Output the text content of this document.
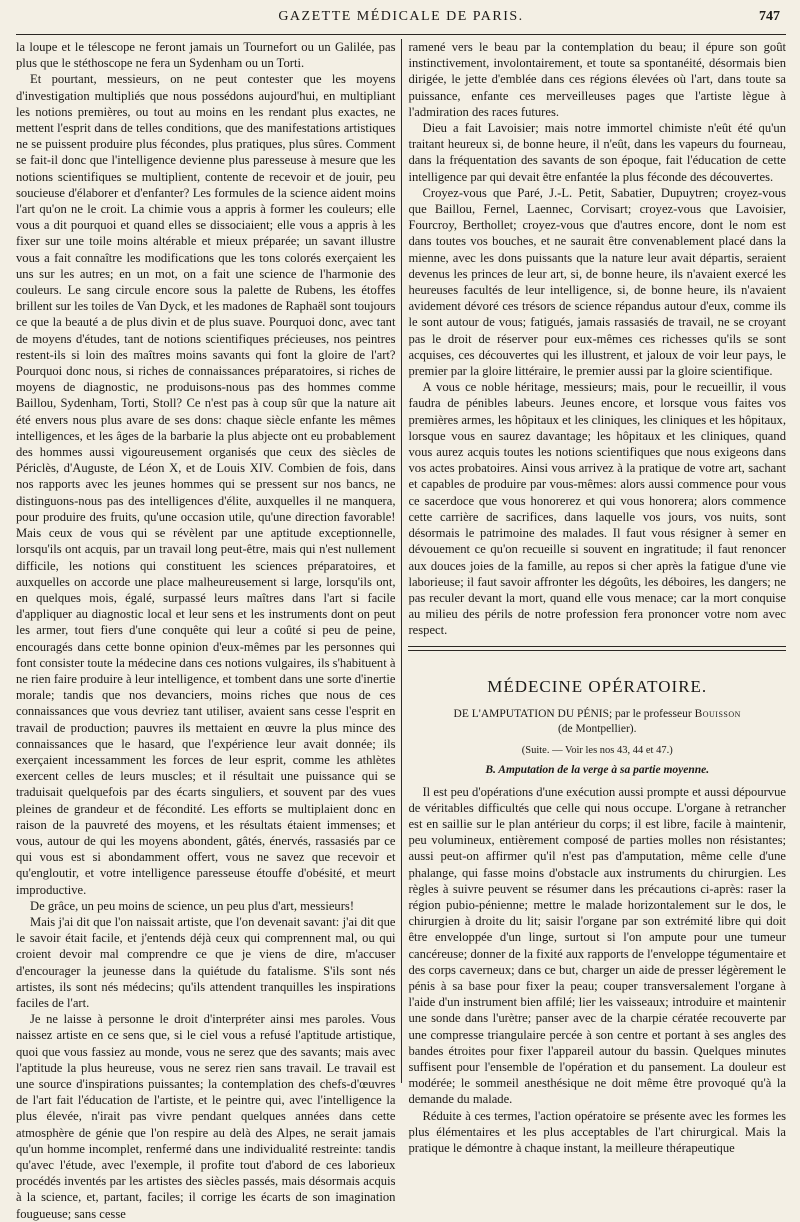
GAZETTE MÉDICALE DE PARIS.	747

la loupe et le télescope ne feront jamais un Tournefort ou un Galilée, pas plus que le stéthoscope ne fera un Sydenham ou un Torti.

Et pourtant, messieurs, on ne peut contester que les moyens d'investigation multipliés que nous possédons aujourd'hui, en multipliant les notions premières, ou tout au moins en les rendant plus exactes, ne mettent l'esprit dans de telles conditions, que des manifestations artistiques ne se puissent produire plus fécondes, plus pratiques, plus sûres. Comment se fait-il donc que l'intelligence devienne plus paresseuse à mesure que les notions scientifiques se multiplient, contente de recevoir et de jouir, peu soucieuse d'élaborer et d'enfanter? Les formules de la science aident moins l'art qu'on ne le croit. La chimie vous a appris à former les couleurs; elle vous a dit pourquoi et quand elles se dissociaient; elle vous a appris à les fixer sur une toile moins altérable et mieux préparée; un savant illustre vous a fait connaître les modifications que les tons colorés exerçaient les uns sur les autres; en un mot, on a fait une science de l'harmonie des couleurs. Le sang circule encore sous la palette de Rubens, les étoffes brillent sur les toiles de Van Dyck, et les madones de Raphaël sont toujours ce que la beauté a de plus divin et de plus suave. Pourquoi donc, avec tant de moyens d'études, tant de notions scientifiques précieuses, nos peintres restent-ils si loin des maîtres moins savants qui font la gloire de l'art? Pourquoi donc nous, si riches de connaissances préparatoires, si riches de moyens de diagnostic, ne produisons-nous pas des hommes comme Baillou, Sydenham, Torti, Stoll? Ce n'est pas à coup sûr que la nature ait été envers nous plus avare de ses dons: chaque siècle enfante les mêmes intelligences, et les âges de la barbarie la plus abjecte ont eu probablement des hommes aussi vigoureusement organisés que ceux des siècles de Périclès, d'Auguste, de Léon X, et de Louis XIV. Combien de fois, dans nos rapports avec les jeunes hommes qui se pressent sur nos bancs, ne distinguons-nous pas des intelligences d'élite, auxquelles il ne manquera, pour produire des fruits, qu'une occasion utile, qu'une direction favorable! Mais ceux de vous qui se révèlent par une aptitude exceptionnelle, lorsqu'ils ont acquis, par un travail long peut-être, mais qui n'est nullement difficile, les notions qui constituent les sciences préparatoires, et auxquelles on accorde une place malheureusement si large, lorsqu'ils ont, en quelques mois, égalé, surpassé leurs maîtres dans l'art si facile d'appliquer au diagnostic local et leur sens et les instruments dont on peut les armer, tout fiers d'une conquête qui leur a coûté si peu de peine, encouragés dans cette bonne opinion d'eux-mêmes par les personnes qui font consister toute la médecine dans ces notions vulgaires, ils s'habituent à ne rien faire produire à leur intelligence, et tombent dans une sorte d'inertie morale; tandis que nos devanciers, moins riches que nous de ces connaissances que vous devriez tant utiliser, avaient sans cesse l'esprit en travail de production; pauvres ils mettaient en œuvre la plus mince des connaissances que le hasard, que l'expérience leur avait donnée; ils exerçaient incessamment les forces de leur esprit, comme les athlètes exercent celles de leurs muscles; et il résultait une puissance qui se traduisait quelquefois par des écarts singuliers, et souvent par des vues pleines de grandeur et de fécondité. Les efforts se multiplaient donc en raison de la pauvreté des moyens, et les résultats étaient immenses; et vous, autour de qui les moyens abondent, gâtés, énervés, rassasiés par ce qui vous est si abondamment offert, vous ne savez que recevoir et qu'engloutir, et votre intelligence paresseuse étouffe d'obésité, et meurt improductive.

De grâce, un peu moins de science, un peu plus d'art, messieurs!

Mais j'ai dit que l'on naissait artiste, que l'on devenait savant: j'ai dit que le savoir était facile, et j'entends déjà ceux qui comprennent mal, ou qui croient devoir mal comprendre ce que je viens de dire, m'accuser d'encourager la jeunesse dans la quiétude du fatalisme. S'ils sont nés artistes, ils sont nés médecins; qu'ils attendent tranquilles les inspirations faciles de l'art.

Je ne laisse à personne le droit d'interpréter ainsi mes paroles. Vous naissez artiste en ce sens que, si le ciel vous a refusé l'aptitude artistique, quoi que vous fassiez au monde, vous ne serez que des savants; mais avec l'aptitude la plus heureuse, vous ne serez rien sans travail. Le travail est une source d'inspirations puissantes; la contemplation des chefs-d'œuvres de l'art fait l'éducation de l'artiste, et le peintre qui, avec l'intelligence la plus élevée, n'irait pas vivre pendant quelques années dans cette atmosphère de génie que l'on respire au delà des Alpes, ne serait jamais qu'un homme incomplet, renfermé dans une individualité restreinte: tandis qu'avec l'étude, avec l'exemple, il profite tout d'abord de ces laborieux procédés inventés par les artistes des siècles passés, mais désormais acquis à la science, et, partant, faciles; il corrige les écarts de son imagination fougueuse; sans cesse

ramené vers le beau par la contemplation du beau; il épure son goût instinctivement, involontairement, et toute sa spontanéité, désormais bien dirigée, le jette d'emblée dans ces régions élevées où l'art, dans toute sa puissance, enfante ces merveilleuses pages que l'artiste lègue à l'admiration des races futures.

Dieu a fait Lavoisier; mais notre immortel chimiste n'eût été qu'un traitant heureux si, de bonne heure, il n'eût, dans les vapeurs du fourneau, dans la fréquentation des savants de son époque, fait l'éducation de cette intelligence par qui devait être enfantée la plus féconde des découvertes.

Croyez-vous que Paré, J.-L. Petit, Sabatier, Dupuytren; croyez-vous que Baillou, Fernel, Laennec, Corvisart; croyez-vous que Lavoisier, Fourcroy, Berthollet; croyez-vous que d'autres encore, dont le nom est dans toutes vos bouches, et ne saurait être convenablement placé dans la mienne, avec les dons puissants que la nature leur avait départis, seraient devenus les princes de leur art, si, de bonne heure, ils n'avaient exercé les heureuses facultés de leur intelligence, si, de bonne heure, ils n'avaient avidement dévoré ces trésors de science répandus autour d'eux, comme ils le sont autour de vous; fatigués, jamais rassasiés de travail, ne se croyant pas le droit de réserver pour eux-mêmes ces richesses qu'ils se sont acquises, ces découvertes qui les illustrent, et jaloux de voir leur pays, le premier par la gloire littéraire, le premier aussi par la gloire scientifique.

A vous ce noble héritage, messieurs; mais, pour le recueillir, il vous faudra de pénibles labeurs. Jeunes encore, et lorsque vous faites vos premières armes, les hôpitaux et les cliniques, les cliniques et les hôpitaux, lorsque vous en saurez davantage; les hôpitaux et les cliniques, quand vous aurez acquis toutes les notions scientifiques que nous exigeons dans vos actes probatoires. Ainsi vous arrivez à la pratique de votre art, sachant et capables de produire par vous-mêmes: alors aussi commence pour vous ce sacerdoce que vous honorerez et qui vous honorera; alors commence cette carrière de sacrifices, dans laquelle vos jours, vos nuits, sont désormais le patrimoine des malades. Il faut vous résigner à semer en dévouement ce qu'on recueille si souvent en ingratitude; il faut renoncer aux douces joies de la famille, au repos si cher après la fatigue d'une vie laborieuse; il faut savoir affronter les dégoûts, les déboires, les dangers; ne pas reculer devant la mort, quand elle vous menace; car la mort conquise au milieu des périls de notre profession fera prononcer votre nom avec respect.

MÉDECINE OPÉRATOIRE.
DE L'AMPUTATION DU PÉNIS; par le professeur Bouisson
(de Montpellier).
(Suite. — Voir les nos 43, 44 et 47.)
B. Amputation de la verge à sa partie moyenne.

Il est peu d'opérations d'une exécution aussi prompte et aussi dépourvue de véritables difficultés que celle qui nous occupe. L'organe à retrancher est en saillie sur le plan antérieur du corps; il est libre, facile à maintenir, peu volumineux, entièrement composé de parties molles non résistantes; aussi peut-on affirmer qu'il n'est pas d'amputation, même celle d'une phalange, qui fasse moins d'obstacle aux instruments du chirurgien. Les règles à suivre peuvent se résumer dans les précautions ci-après: raser la région pubio-pénienne; mettre le malade horizontalement sur le dos, le chirurgien à droite du lit; saisir l'organe par son extrémité libre qui doit être enveloppée d'un linge, surtout si l'on ampute pour une tumeur cancéreuse; donner de la fixité aux rapports de l'enveloppe tégumentaire et des corps caverneux; dans ce but, charger un aide de presser légèrement le pénis à sa base pour fixer la peau; couper transversalement l'organe à l'aide d'un instrument bien affilé; lier les vaisseaux; introduire et maintenir une sonde dans l'urètre; panser avec de la charpie cératée recouverte par une compresse triangulaire percée à son centre et portant à ses angles des bandes étroites pour fixer l'appareil autour du bassin. Quelques minutes suffisent pour l'ensemble de l'opération et du pansement. La douleur est modérée; le sommeil anesthésique ne doit même être provoqué qu'à la demande du malade.

Réduite à ces termes, l'action opératoire se présente avec les formes les plus élémentaires et les plus acceptables de l'art chirurgical. Mais la pratique le démontre à chaque instant, la meilleure thérapeutique
